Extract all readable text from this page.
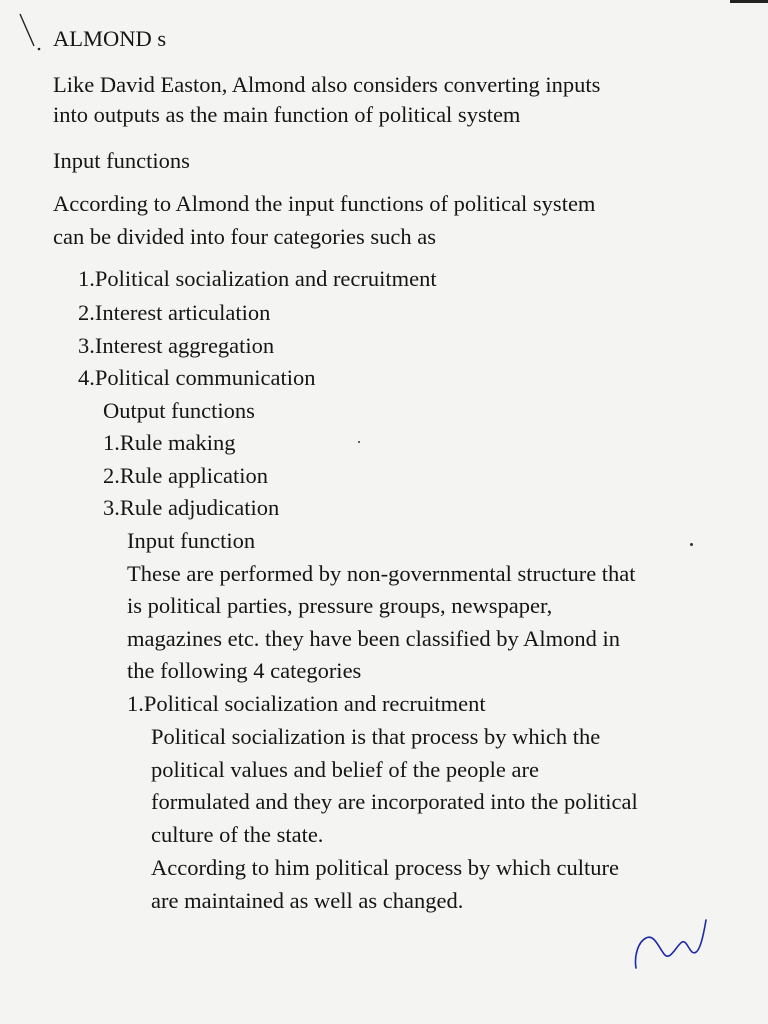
ALMOND s
Like David Easton, Almond also considers converting inputs
into outputs as the main function of political system
Input functions
According to Almond the input functions of political system
can be divided into four categories such as
1.Political socialization and recruitment
2.Interest articulation
3.Interest aggregation
4.Political communication
Output functions
1.Rule making
2.Rule application
3.Rule adjudication
Input function
These are performed by non-governmental structure that
is political parties, pressure groups, newspaper,
magazines etc. they have been classified by Almond in
the following 4 categories
1.Political socialization and recruitment
Political socialization is that process by which the
political values and belief of the people are
formulated and they are incorporated into the political
culture of the state.
According to him political process by which culture
are maintained as well as changed.
